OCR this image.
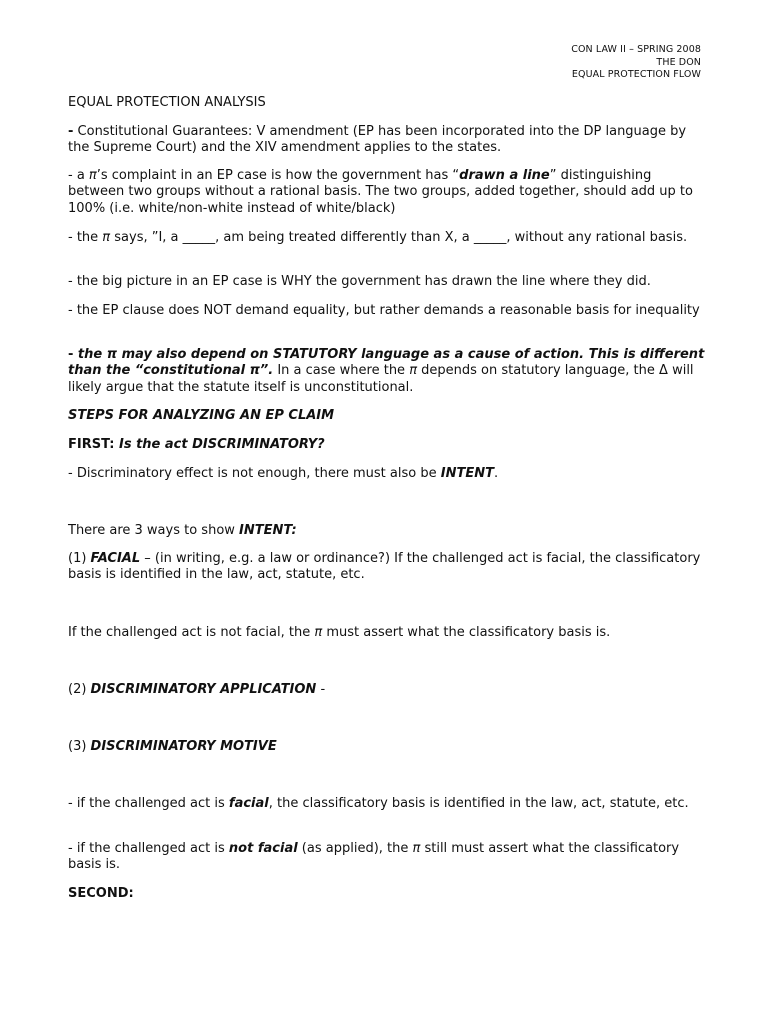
CON LAW II – SPRING 2008
THE DON
EQUAL PROTECTION FLOW

EQUAL PROTECTION ANALYSIS

- Constitutional Guarantees: V amendment (EP has been incorporated into the DP language by the Supreme Court) and the XIV amendment applies to the states.

- a π’s complaint in an EP case is how the government has “drawn a line” distinguishing between two groups without a rational basis. The two groups, added together, should add up to 100% (i.e. white/non-white instead of white/black)

- the π says, ”I, a _____, am being treated differently than X, a _____, without any rational basis.

- the big picture in an EP case is WHY the government has drawn the line where they did.

- the EP clause does NOT demand equality, but rather demands a reasonable basis for inequality

- the π may also depend on STATUTORY language as a cause of action. This is different than the “constitutional π”. In a case where the π depends on statutory language, the Δ will likely argue that the statute itself is unconstitutional.

STEPS FOR ANALYZING AN EP CLAIM

FIRST: Is the act DISCRIMINATORY?

- Discriminatory effect is not enough, there must also be INTENT.

There are 3 ways to show INTENT:

(1) FACIAL – (in writing, e.g. a law or ordinance?) If the challenged act is facial, the classificatory basis is identified in the law, act, statute, etc.

If the challenged act is not facial, the π must assert what the classificatory basis is.

(2) DISCRIMINATORY APPLICATION -

(3) DISCRIMINATORY MOTIVE

- if the challenged act is facial, the classificatory basis is identified in the law, act, statute, etc.

- if the challenged act is not facial (as applied), the π still must assert what the classificatory basis is.

SECOND:
